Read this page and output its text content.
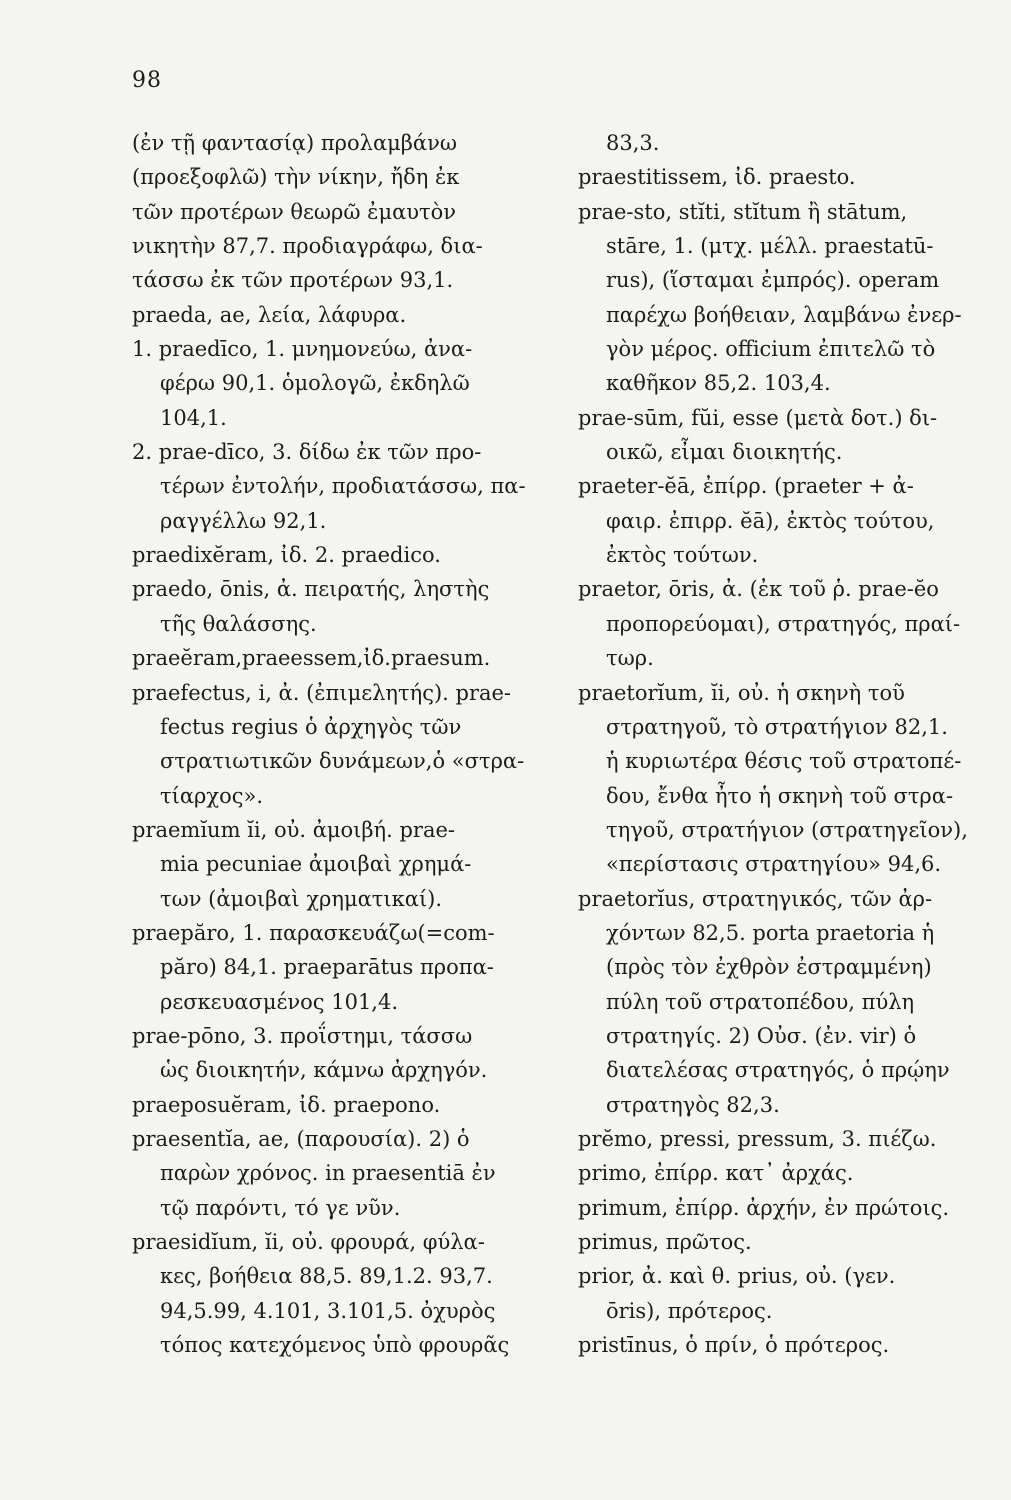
98
(ἐν τῇ φαντασίᾳ) προλαμβάνω
(προεξοφλῶ) τὴν νίκην, ἤδη ἐκ
τῶν προτέρων θεωρῶ ἐμαυτὸν
νικητὴν 87,7. προδιαγράφω, δια-
τάσσω ἐκ τῶν προτέρων 93,1.
praeda, ae, λεία, λάφυρα.
1. praedīco, 1. μνημονεύω, ἀνα-
φέρω 90,1. ὁμολογῶ, ἐκδηλῶ
104,1.
2. prae-dīco, 3. δίδω ἐκ τῶν προ-
τέρων ἐντολήν, προδιατάσσω, πα-
ραγγέλλω 92,1.
praedixĕram, ἰδ. 2. praedico.
praedo, ōnis, ἀ. πειρατής, ληστὴς
τῆς θαλάσσης.
praeĕram,praeessem,ἰδ.praesum.
praefectus, i, ἀ. (ἐπιμελητής). prae-
fectus regius ὁ ἀρχηγὸς τῶν
στρατιωτικῶν δυνάμεων,ὁ «στρα-
τίαρχος».
praemĭum ĭi, οὐ. ἀμοιβή. prae-
mia pecuniae ἀμοιβαὶ χρημά-
των (ἀμοιβαὶ χρηματικαί).
praepăro, 1. παρασκευάζω(=com-
păro) 84,1. praeparātus προπα-
ρεσκευασμένος 101,4.
prae-pōno, 3. προΐστημι, τάσσω
ὡς διοικητήν, κάμνω ἀρχηγόν.
praeposuĕram, ἰδ. praepono.
praesentĭa, ae, (παρουσία). 2) ὁ
παρὼν χρόνος. in praesentiā ἐν
τῷ παρόντι, τό γε νῦν.
praesidĭum, ĭi, οὐ. φρουρά, φύλα-
κες, βοήθεια 88,5. 89,1.2. 93,7.
94,5.99, 4.101, 3.101,5. ὀχυρὸς
τόπος κατεχόμενος ὑπὸ φρουρᾶς
83,3.
praestitissem, ἰδ. praesto.
prae-sto, stĭti, stĭtum ἢ stātum,
stāre, 1. (μτχ. μέλλ. praestatū-
rus), (ἵσταμαι ἐμπρός). operam
παρέχω βοήθειαν, λαμβάνω ἐνερ-
γὸν μέρος. officium ἐπιτελῶ τὸ
καθῆκον 85,2. 103,4.
prae-sūm, fŭi, esse (μετὰ δοτ.) δι-
οικῶ, εἶμαι διοικητής.
praeter-ĕā, ἐπίρρ. (praeter + ἀ-
φαιρ. ἐπιρρ. ĕā), ἐκτὸς τούτου,
ἐκτὸς τούτων.
praetor, ōris, ἀ. (ἐκ τοῦ ῥ. prae-ĕo
προπορεύομαι), στρατηγός, πραί-
τωρ.
praetorĭum, ĭi, οὐ. ἡ σκηνὴ τοῦ
στρατηγοῦ, τὸ στρατήγιον 82,1.
ἡ κυριωτέρα θέσις τοῦ στρατοπέ-
δου, ἔνθα ἦτο ἡ σκηνὴ τοῦ στρα-
τηγοῦ, στρατήγιον (στρατηγεῖον),
«περίστασις στρατηγίου» 94,6.
praetorĭus, στρατηγικός, τῶν ἀρ-
χόντων 82,5. porta praetoria ἡ
(πρὸς τὸν ἐχθρὸν ἐστραμμένη)
πύλη τοῦ στρατοπέδου, πύλη
στρατηγίς. 2) Οὐσ. (ἐν. vir) ὁ
διατελέσας στρατηγός, ὁ πρῴην
στρατηγὸς 82,3.
prĕmo, pressi, pressum, 3. πιέζω.
primo, ἐπίρρ. κατ᾿ ἀρχάς.
primum, ἐπίρρ. ἀρχήν, ἐν πρώτοις.
primus, πρῶτος.
prior, ἀ. καὶ θ. prius, οὐ. (γεν.
ōris), πρότερος.
pristīnus, ὁ πρίν, ὁ πρότερος.
